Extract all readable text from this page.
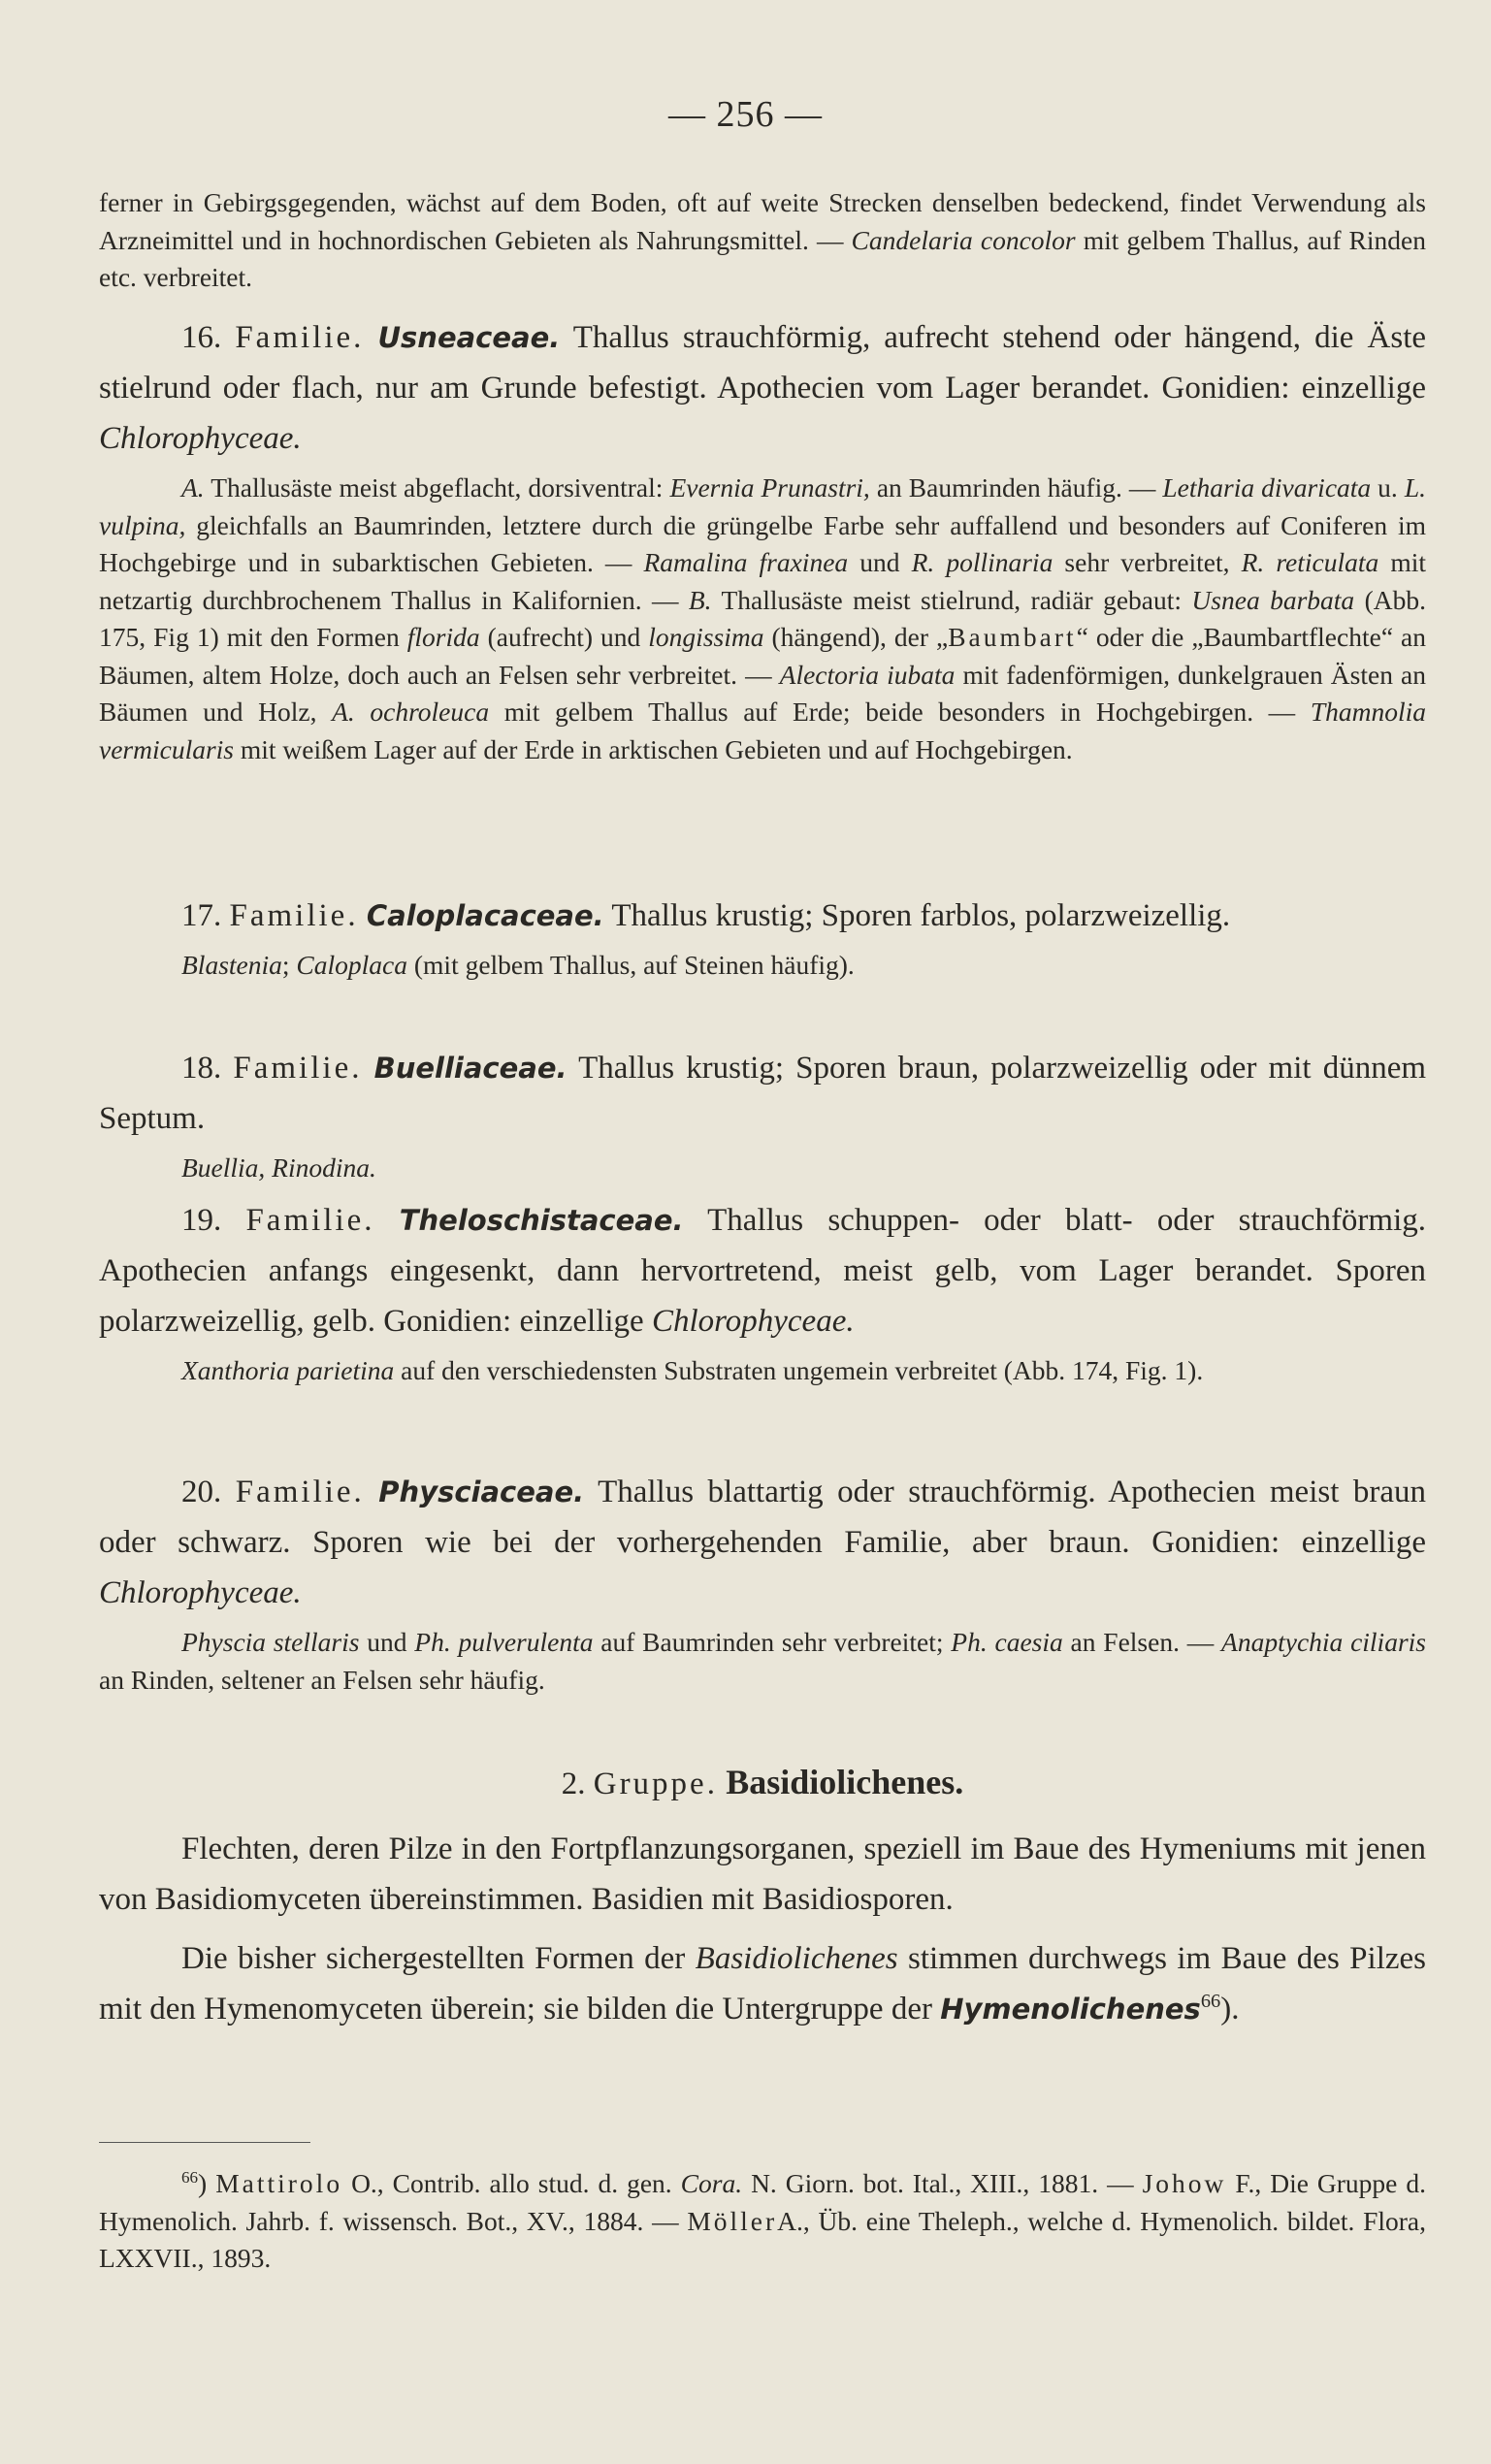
— 256 —

ferner in Gebirgsgegenden, wächst auf dem Boden, oft auf weite Strecken denselben bedeckend, findet Verwendung als Arzneimittel und in hochnordischen Gebieten als Nahrungsmittel. — Candelaria concolor mit gelbem Thallus, auf Rinden etc. verbreitet.

16. Familie. Usneaceae. Thallus strauchförmig, aufrecht stehend oder hängend, die Äste stielrund oder flach, nur am Grunde befestigt. Apothecien vom Lager berandet. Gonidien: einzellige Chlorophyceae.

A. Thallusäste meist abgeflacht, dorsiventral: Evernia Prunastri, an Baumrinden häufig. — Letharia divaricata u. L. vulpina, gleichfalls an Baumrinden, letztere durch die grüngelbe Farbe sehr auffallend und besonders auf Coniferen im Hochgebirge und in subarktischen Gebieten. — Ramalina fraxinea und R. pollinaria sehr verbreitet, R. reticulata mit netzartig durchbrochenem Thallus in Kalifornien. — B. Thallusäste meist stielrund, radiär gebaut: Usnea barbata (Abb. 175, Fig 1) mit den Formen florida (aufrecht) und longissima (hängend), der „Baumbart“ oder die „Baumbartflechte“ an Bäumen, altem Holze, doch auch an Felsen sehr verbreitet. — Alectoria iubata mit fadenförmigen, dunkelgrauen Ästen an Bäumen und Holz, A. ochroleuca mit gelbem Thallus auf Erde; beide besonders in Hochgebirgen. — Thamnolia vermicularis mit weißem Lager auf der Erde in arktischen Gebieten und auf Hochgebirgen.

17. Familie. Caloplacaceae. Thallus krustig; Sporen farblos, polarzweizellig.

Blastenia; Caloplaca (mit gelbem Thallus, auf Steinen häufig).

18. Familie. Buelliaceae. Thallus krustig; Sporen braun, polarzweizellig oder mit dünnem Septum.

Buellia, Rinodina.

19. Familie. Theloschistaceae. Thallus schuppen- oder blatt- oder strauchförmig. Apothecien anfangs eingesenkt, dann hervortretend, meist gelb, vom Lager berandet. Sporen polarzweizellig, gelb. Gonidien: einzellige Chlorophyceae.

Xanthoria parietina auf den verschiedensten Substraten ungemein verbreitet (Abb. 174, Fig. 1).

20. Familie. Physciaceae. Thallus blattartig oder strauchförmig. Apothecien meist braun oder schwarz. Sporen wie bei der vorhergehenden Familie, aber braun. Gonidien: einzellige Chlorophyceae.

Physcia stellaris und Ph. pulverulenta auf Baumrinden sehr verbreitet; Ph. caesia an Felsen. — Anaptychia ciliaris an Rinden, seltener an Felsen sehr häufig.

2. Gruppe. Basidiolichenes.

Flechten, deren Pilze in den Fortpflanzungsorganen, speziell im Baue des Hymeniums mit jenen von Basidiomyceten übereinstimmen. Basidien mit Basidiosporen.

Die bisher sichergestellten Formen der Basidiolichenes stimmen durchwegs im Baue des Pilzes mit den Hymenomyceten überein; sie bilden die Untergruppe der Hymenolichenes$^{66}$).

$^{66}$) Mattirolo O., Contrib. allo stud. d. gen. Cora. N. Giorn. bot. Ital., XIII., 1881. — Johow F., Die Gruppe d. Hymenolich. Jahrb. f. wissensch. Bot., XV., 1884. — MöllerA., Üb. eine Theleph., welche d. Hymenolich. bildet. Flora, LXXVII., 1893.
